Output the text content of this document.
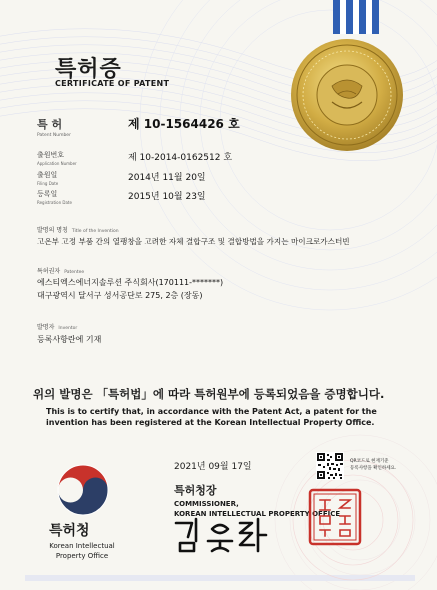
특허증
CERTIFICATE OF PATENT
특 허
Patent Number
제 10-1564426 호
출원번호
Application Number
제 10-2014-0162512 호
출원일
Filing Date
2014년 11월 20일
등록일
Registration Date
2015년 10월 23일
발명의 명칭 Title of the Invention
고온부 고정 부품 간의 열팽창을 고려한 자체 결합구조 및 결합방법을 가지는 마이크로가스터빈
특허권자 Patentee
에스티엑스에너지솔루션 주식회사(170111-*******)
대구광역시 달서구 성서공단로 275, 2층 (장동)
발명자 Inventor
등록사항란에 기재
위의 발명은 「특허법」에 따라 특허원부에 등록되었음을 증명합니다.
This is to certify that, in accordance with the Patent Act, a patent for the invention has been registered at the Korean Intellectual Property Office.
2021년 09월 17일
특허청장
COMMISSIONER,
KOREAN INTELLECTUAL PROPERTY OFFICE
특허청
Korean Intellectual
Property Office
QR코드로 현재기준
등록사항을 확인하세요.
